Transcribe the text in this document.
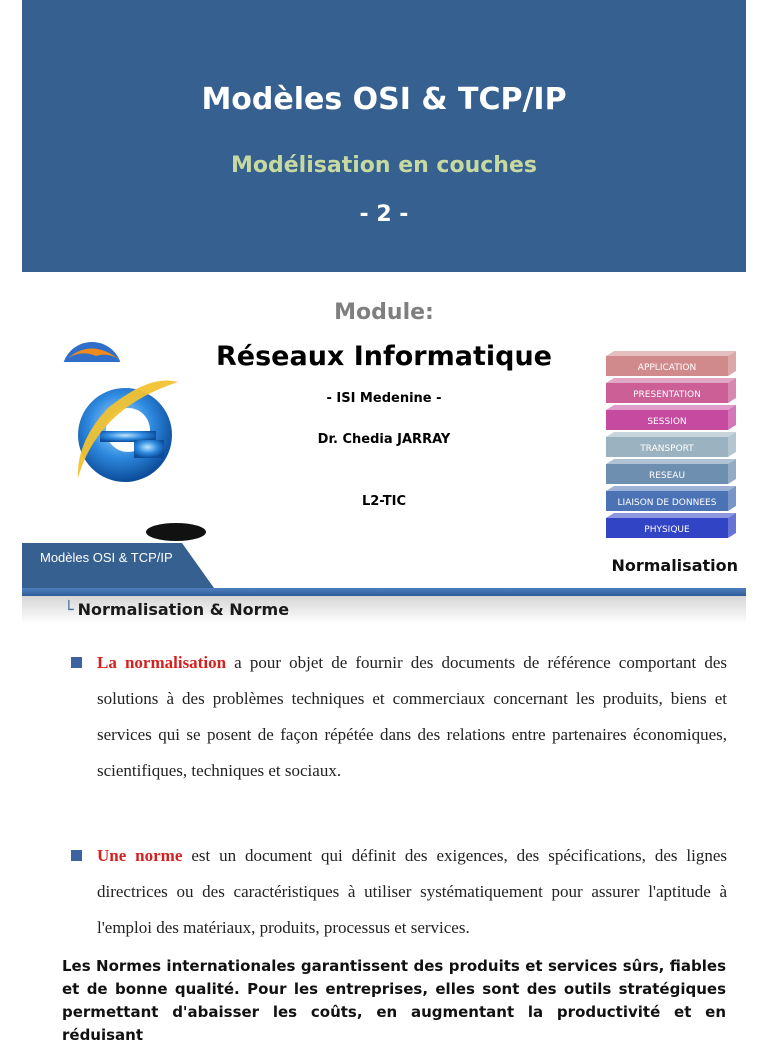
Modèles OSI & TCP/IP
Modélisation en couches
- 2 -
Module:
Réseaux Informatique
- ISI Medenine -
Dr. Chedia JARRAY
L2-TIC
APPLICATION
PRESENTATION
SESSION
TRANSPORT
RESEAU
LIAISON DE DONNEES
PHYSIQUE
Modèles OSI & TCP/IP	Normalisation
└ Normalisation & Norme
La normalisation a pour objet de fournir des documents de référence comportant des solutions à des problèmes techniques et commerciaux concernant les produits, biens et services qui se posent de façon répétée dans des relations entre partenaires économiques, scientifiques, techniques et sociaux.
Une norme est un document qui définit des exigences, des spécifications, des lignes directrices ou des caractéristiques à utiliser systématiquement pour assurer l'aptitude à l'emploi des matériaux, produits, processus et services.
Les Normes internationales garantissent des produits et services sûrs, fiables et de bonne qualité. Pour les entreprises, elles sont des outils stratégiques permettant d'abaisser les coûts, en augmentant la productivité et en réduisant
